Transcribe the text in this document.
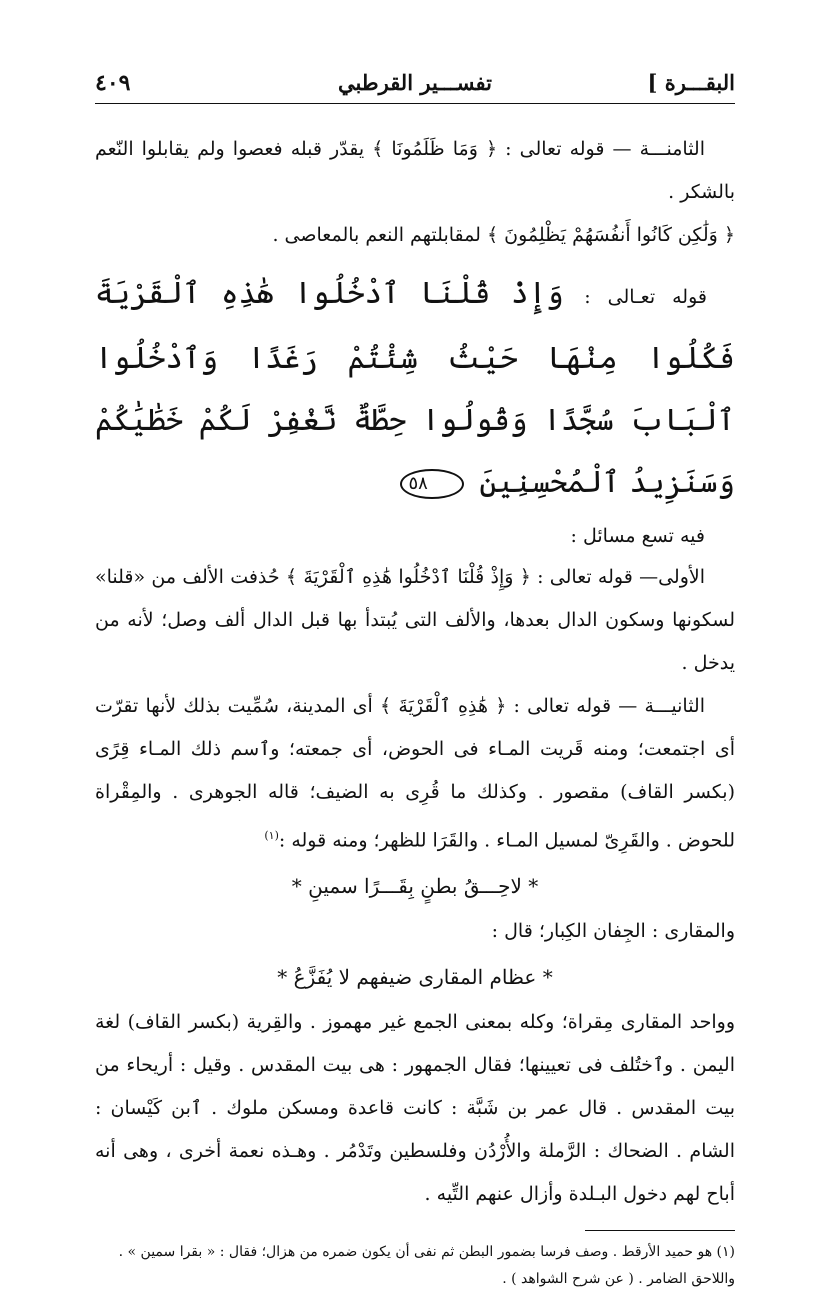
البقـــرة ]
تفســـير القرطبي
٤٠٩

الثامنـــة — قوله تعالى : ﴿ وَمَا ظَلَمُونَا ﴾ يقدّر قبله فعصوا ولم يقابلوا النّعم بالشكر .

﴿ وَلَٰكِن كَانُوا أَنفُسَهُمْ يَظْلِمُونَ ﴾ لمقابلتهم النعم بالمعاصى .

قوله تعـالى : وَإِذْ قُلْنَا ٱدْخُلُوا هَٰذِهِ ٱلْقَرْيَةَ فَكُلُوا مِنْهَا حَيْثُ شِئْتُمْ رَغَدًا وَٱدْخُلُوا ٱلْبَابَ سُجَّدًا وَقُولُوا حِطَّةٌ نَّغْفِرْ لَكُمْ خَطَٰيَٰكُمْ وَسَنَزِيدُ ٱلْمُحْسِنِينَ ٥٨

فيه تسع مسائل :

الأولى— قوله تعالى : ﴿ وَإِذْ قُلْنَا ٱدْخُلُوا هَٰذِهِ ٱلْقَرْيَةَ ﴾ حُذفت الألف من «قلنا» لسكونها وسكون الدال بعدها، والألف التى يُبتدأ بها قبل الدال ألف وصل؛ لأنه من يدخل .

الثانيـــة — قوله تعالى : ﴿ هَٰذِهِ ٱلْقَرْيَةَ ﴾ أى المدينة، سُمِّيت بذلك لأنها تقرّت أى اجتمعت؛ ومنه قَريت المـاء فى الحوض، أى جمعته؛ وٱسم ذلك المـاء قِرًى (بكسر القاف) مقصور . وكذلك ما قُرِى به الضيف؛ قاله الجوهرى . والمِقْراة للحوض . والقَرِىّ لمسيل المـاء . والقَرَا للظهر؛ ومنه قوله :$^{(١)}$

* لاحِـــقُ بطنٍ بِقَـــرًا سمينِ *

والمقارى : الجِفان الكِبار؛ قال :

* عظام المقارى ضيفهم لا يُفَزَّعُ *

وواحد المقارى مِقراة؛ وكله بمعنى الجمع غير مهموز . والقِرية (بكسر القاف) لغة اليمن . وٱختُلف فى تعيينها؛ فقال الجمهور : هى بيت المقدس . وقيل : أريحاء من بيت المقدس . قال عمر بن شَبَّة : كانت قاعدة ومسكن ملوك . ٱبن كَيْسان : الشام . الضحاك : الرَّملة والأُرْدُن وفلسطين وتَدْمُر . وهـذه نعمة أخرى ، وهى أنه أباح لهم دخول البـلدة وأزال عنهم التِّيه .

(١) هو حميد الأرقط . وصف فرسا بضمور البطن ثم نفى أن يكون ضمره من هزال؛ فقال : « بقرا سمين » .

واللاحق الضامر . ( عن شرح الشواهد ) .
